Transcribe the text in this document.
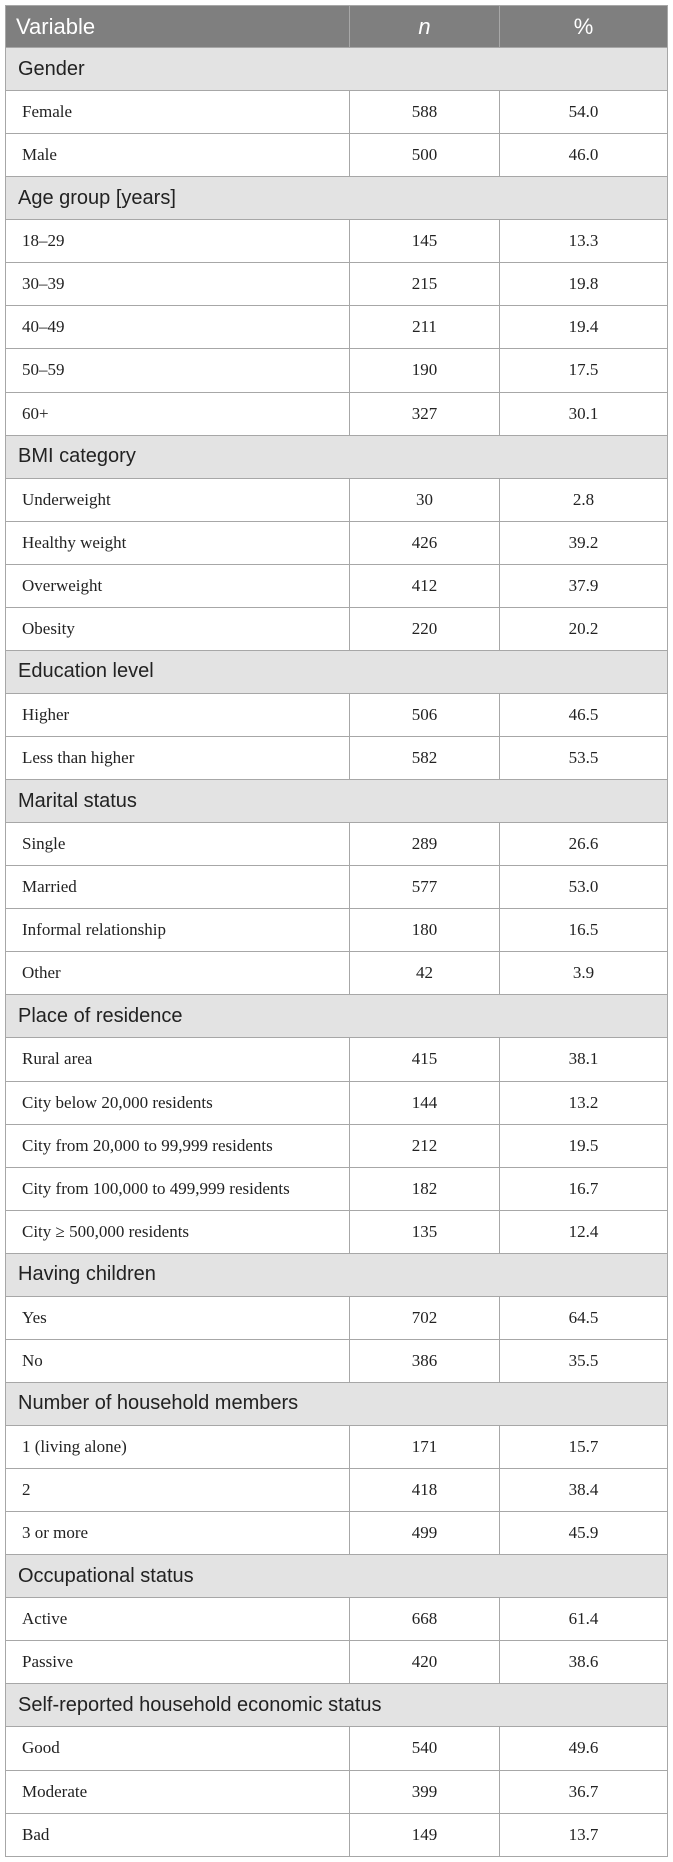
Variable	n	%
Gender		
Female	588	54.0
Male	500	46.0
Age group [years]		
18–29	145	13.3
30–39	215	19.8
40–49	211	19.4
50–59	190	17.5
60+	327	30.1
BMI category		
Underweight	30	2.8
Healthy weight	426	39.2
Overweight	412	37.9
Obesity	220	20.2
Education level		
Higher	506	46.5
Less than higher	582	53.5
Marital status		
Single	289	26.6
Married	577	53.0
Informal relationship	180	16.5
Other	42	3.9
Place of residence		
Rural area	415	38.1
City below 20,000 residents	144	13.2
City from 20,000 to 99,999 residents	212	19.5
City from 100,000 to 499,999 residents	182	16.7
City ≥ 500,000 residents	135	12.4
Having children		
Yes	702	64.5
No	386	35.5
Number of household members		
1 (living alone)	171	15.7
2	418	38.4
3 or more	499	45.9
Occupational status		
Active	668	61.4
Passive	420	38.6
Self-reported household economic status		
Good	540	49.6
Moderate	399	36.7
Bad	149	13.7
